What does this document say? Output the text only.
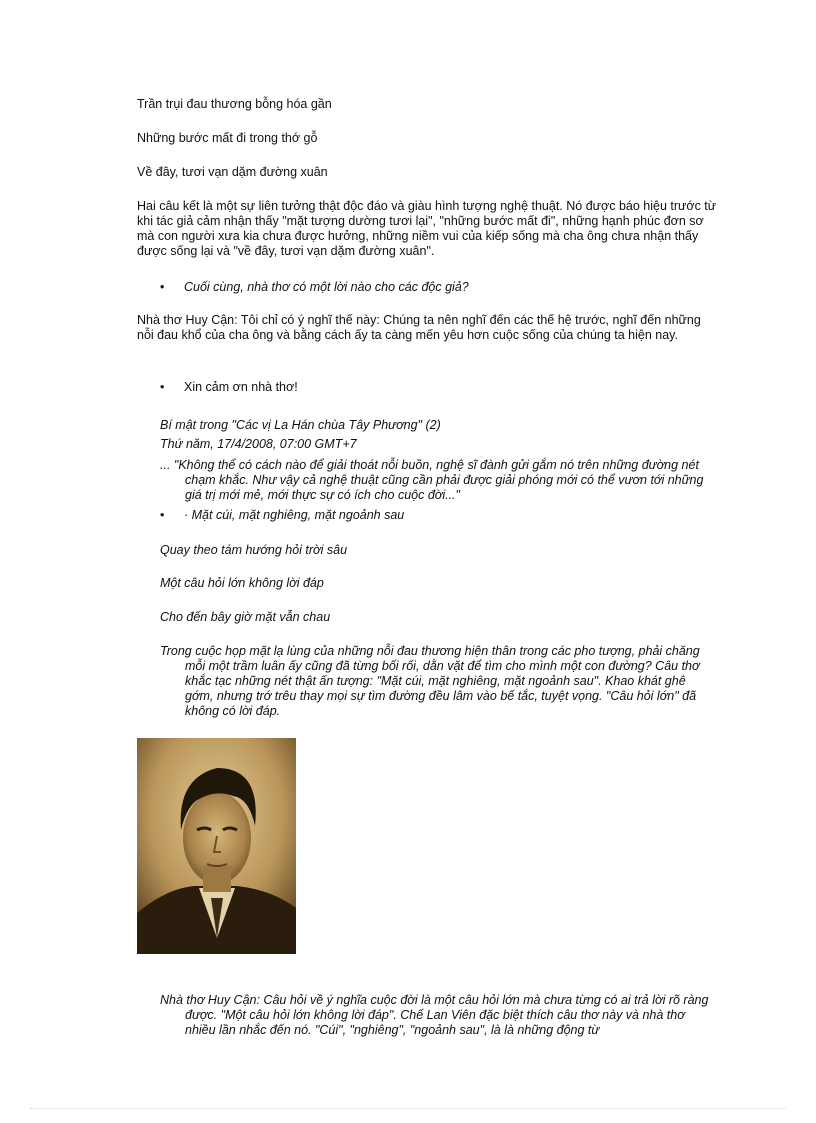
Trần trụi đau thương bỗng hóa gần

Những bước mất đi trong thớ gỗ

Về đây, tươi vạn dặm đường xuân

Hai câu kết là một sự liên tưởng thật độc đáo và giàu hình tượng nghệ thuật. Nó được báo hiệu trước từ khi tác giả cảm nhận thấy "mặt tượng dường tươi lại", "những bước mất đi", những hạnh phúc đơn sơ mà con người xưa kia chưa được hưởng, những niềm vui của kiếp sống mà cha ông chưa nhận thấy được sống lại và "về đây, tươi vạn dặm đường xuân".

• Cuối cùng, nhà thơ có một lời nào cho các độc giả?

Nhà thơ Huy Cận: Tôi chỉ có ý nghĩ thế này: Chúng ta nên nghĩ đến các thế hệ trước, nghĩ đến những nỗi đau khổ của cha ông và bằng cách ấy ta càng mến yêu hơn cuộc sống của chúng ta hiện nay.

• Xin cảm ơn nhà thơ!

Bí mật trong "Các vị La Hán chùa Tây Phương" (2)

Thứ năm, 17/4/2008, 07:00 GMT+7

... "Không thể có cách nào để giải thoát nỗi buồn, nghệ sĩ đành gửi gắm nó trên những đường nét chạm khắc. Như vậy cả nghệ thuật cũng cần phải được giải phóng mới có thể vươn tới những giá trị mới mẻ, mới thực sự có ích cho cuộc đời..."

• · Mặt cúi, mặt nghiêng, mặt ngoảnh sau

Quay theo tám hướng hỏi trời sâu

Một câu hỏi lớn không lời đáp

Cho đến bây giờ mặt vẫn chau

Trong cuộc họp mặt lạ lùng của những nỗi đau thương hiện thân trong các pho tượng, phải chăng mỗi một trầm luân ấy cũng đã từng bối rối, dằn vặt để tìm cho mình một con đường? Câu thơ khắc tạc những nét thật ấn tượng: "Mặt cúi, mặt nghiêng, mặt ngoảnh sau". Khao khát ghê gớm, nhưng trớ trêu thay mọi sự tìm đường đều lâm vào bế tắc, tuyệt vọng. "Câu hỏi lớn" đã không có lời đáp.

Nhà thơ Huy Cận: Câu hỏi về ý nghĩa cuộc đời là một câu hỏi lớn mà chưa từng có ai trả lời rõ ràng được. "Một câu hỏi lớn không lời đáp". Chế Lan Viên đặc biệt thích câu thơ này và nhà thơ nhiều lần nhắc đến nó. "Cúi", "nghiêng", "ngoảnh sau", là là những động từ
